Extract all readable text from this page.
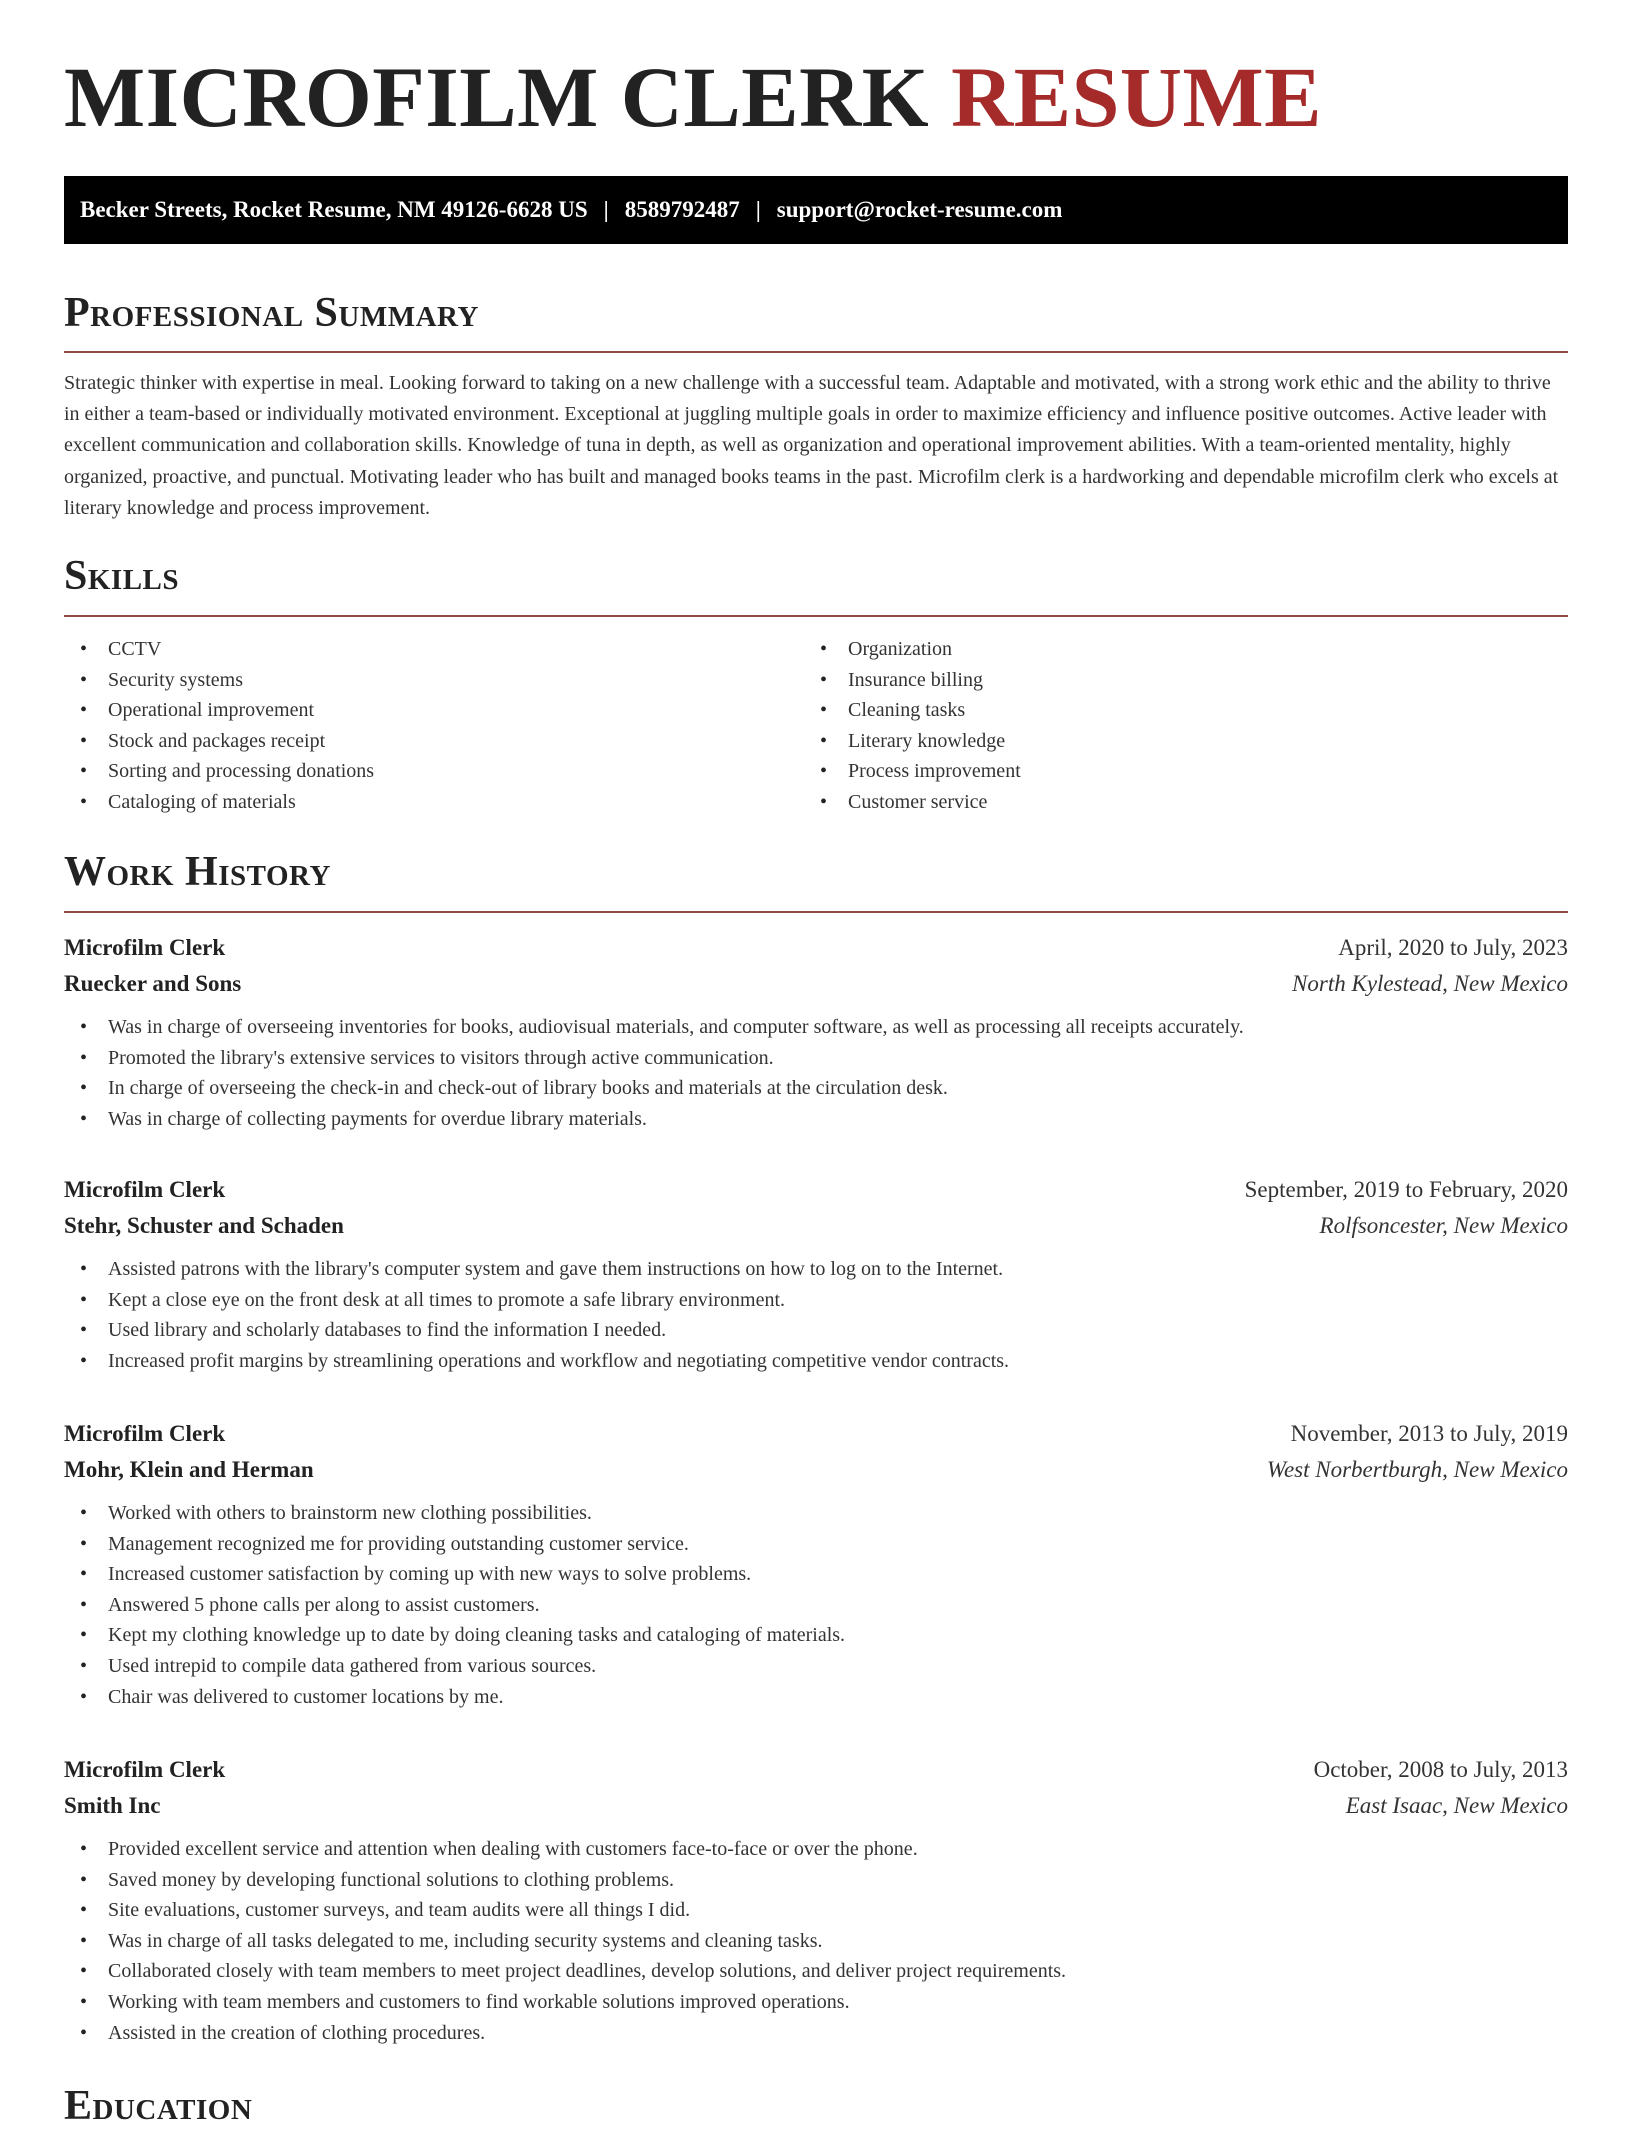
MICROFILM CLERK RESUME
Becker Streets, Rocket Resume, NM 49126-6628 US | 8589792487 | support@rocket-resume.com
Professional Summary

Strategic thinker with expertise in meal. Looking forward to taking on a new challenge with a successful team. Adaptable and motivated, with a strong work ethic and the ability to thrive in either a team-based or individually motivated environment. Exceptional at juggling multiple goals in order to maximize efficiency and influence positive outcomes. Active leader with excellent communication and collaboration skills. Knowledge of tuna in depth, as well as organization and operational improvement abilities. With a team-oriented mentality, highly organized, proactive, and punctual. Motivating leader who has built and managed books teams in the past. Microfilm clerk is a hardworking and dependable microfilm clerk who excels at literary knowledge and process improvement.

Skills
• CCTV
• Security systems
• Operational improvement
• Stock and packages receipt
• Sorting and processing donations
• Cataloging of materials
• Organization
• Insurance billing
• Cleaning tasks
• Literary knowledge
• Process improvement
• Customer service
Work History
Microfilm Clerk	April, 2020 to July, 2023
Ruecker and Sons	North Kylestead, New Mexico
• Was in charge of overseeing inventories for books, audiovisual materials, and computer software, as well as processing all receipts accurately.
• Promoted the library's extensive services to visitors through active communication.
• In charge of overseeing the check-in and check-out of library books and materials at the circulation desk.
• Was in charge of collecting payments for overdue library materials.
Microfilm Clerk	September, 2019 to February, 2020
Stehr, Schuster and Schaden	Rolfsoncester, New Mexico
• Assisted patrons with the library's computer system and gave them instructions on how to log on to the Internet.
• Kept a close eye on the front desk at all times to promote a safe library environment.
• Used library and scholarly databases to find the information I needed.
• Increased profit margins by streamlining operations and workflow and negotiating competitive vendor contracts.
Microfilm Clerk	November, 2013 to July, 2019
Mohr, Klein and Herman	West Norbertburgh, New Mexico
• Worked with others to brainstorm new clothing possibilities.
• Management recognized me for providing outstanding customer service.
• Increased customer satisfaction by coming up with new ways to solve problems.
• Answered 5 phone calls per along to assist customers.
• Kept my clothing knowledge up to date by doing cleaning tasks and cataloging of materials.
• Used intrepid to compile data gathered from various sources.
• Chair was delivered to customer locations by me.
Microfilm Clerk	October, 2008 to July, 2013
Smith Inc	East Isaac, New Mexico
• Provided excellent service and attention when dealing with customers face-to-face or over the phone.
• Saved money by developing functional solutions to clothing problems.
• Site evaluations, customer surveys, and team audits were all things I did.
• Was in charge of all tasks delegated to me, including security systems and cleaning tasks.
• Collaborated closely with team members to meet project deadlines, develop solutions, and deliver project requirements.
• Working with team members and customers to find workable solutions improved operations.
• Assisted in the creation of clothing procedures.
Education
